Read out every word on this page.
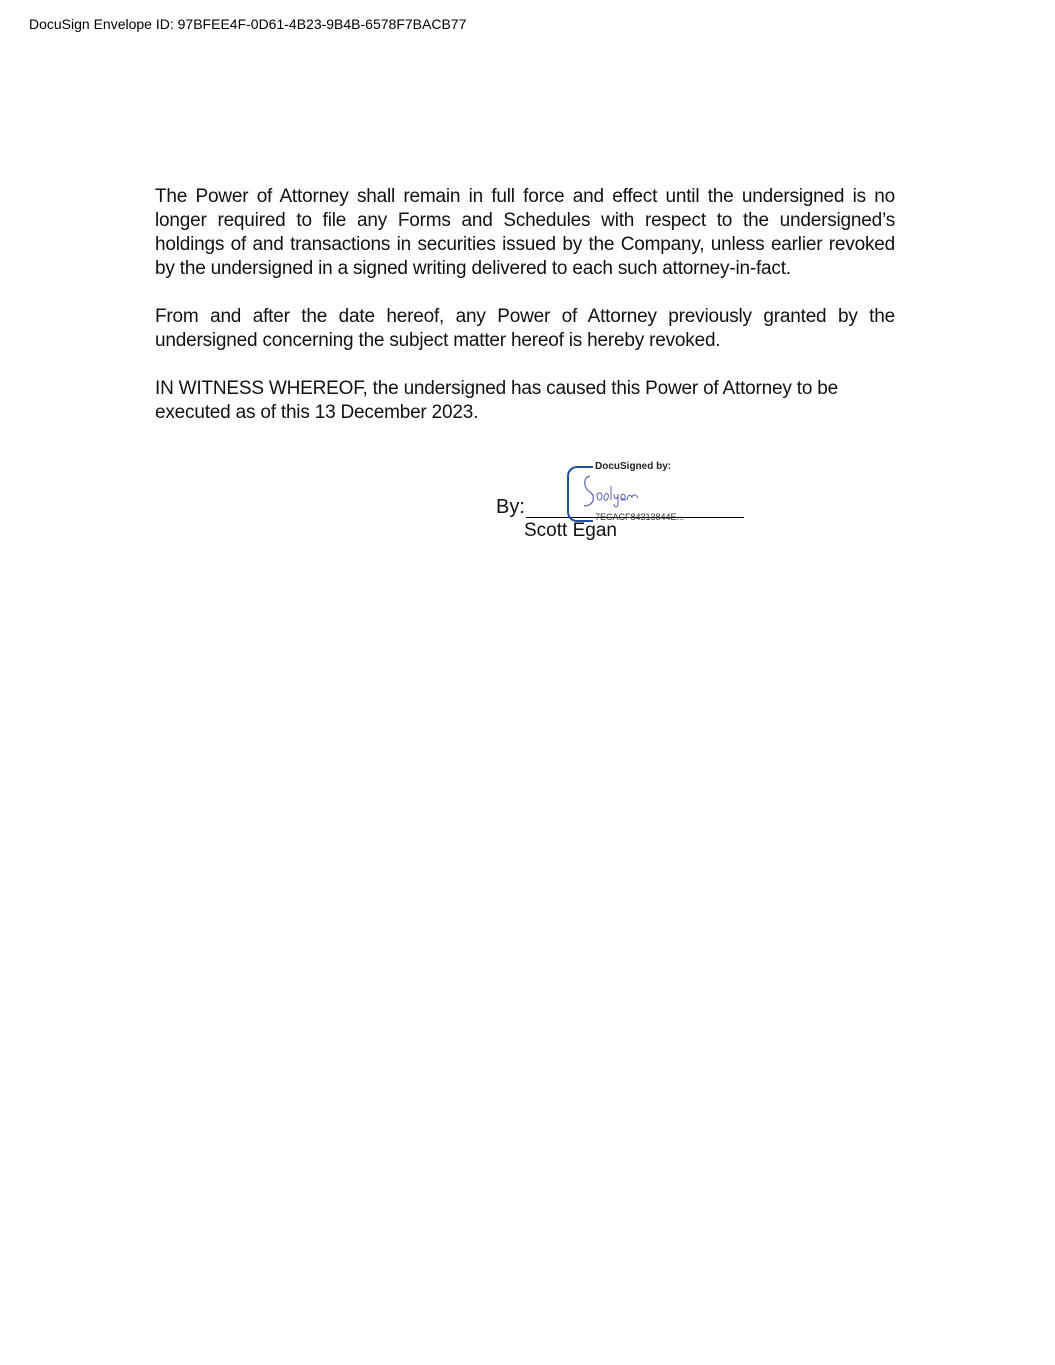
DocuSign Envelope ID: 97BFEE4F-0D61-4B23-9B4B-6578F7BACB77

The Power of Attorney shall remain in full force and effect until the undersigned is no longer required to file any Forms and Schedules with respect to the undersigned’s holdings of and transactions in securities issued by the Company, unless earlier revoked by the undersigned in a signed writing delivered to each such attorney-in-fact.

From and after the date hereof, any Power of Attorney previously granted by the undersigned concerning the subject matter hereof is hereby revoked.

IN WITNESS WHEREOF, the undersigned has caused this Power of Attorney to be executed as of this 13 December 2023.

By:
DocuSigned by:
7ECACF84313844E...
Scott Egan
